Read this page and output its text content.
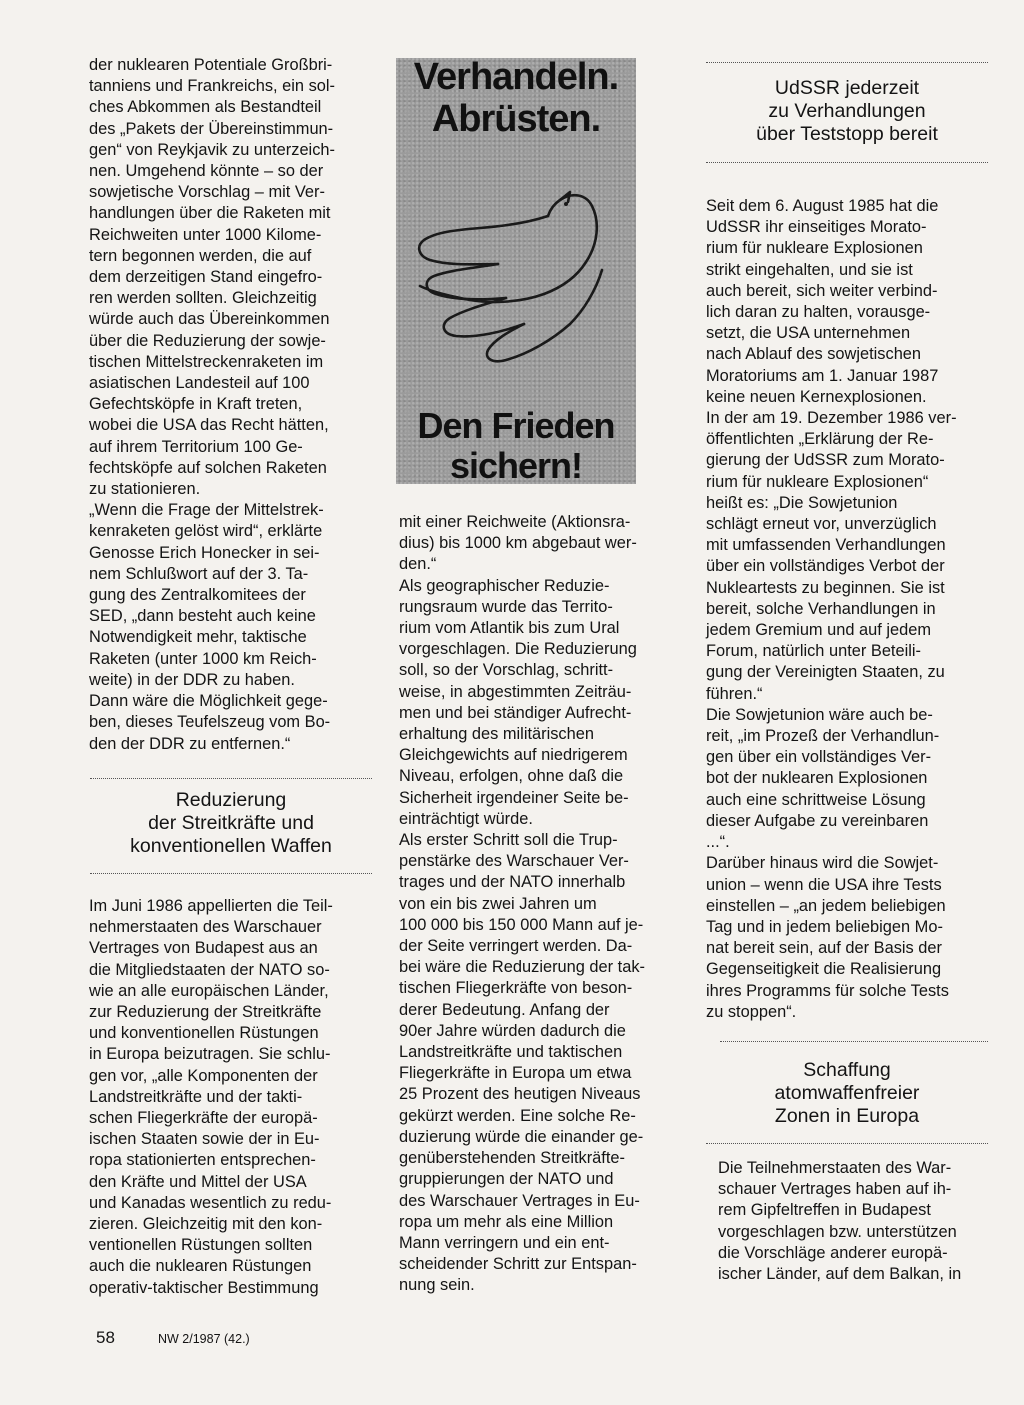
der nuklearen Potentiale Großbri-

tanniens und Frankreichs, ein sol-

ches Abkommen als Bestandteil

des „Pakets der Übereinstimmun-

gen“ von Reykjavik zu unterzeich-

nen. Umgehend könnte – so der

sowjetische Vorschlag – mit Ver-

handlungen über die Raketen mit

Reichweiten unter 1000 Kilome-

tern begonnen werden, die auf

dem derzeitigen Stand eingefro-

ren werden sollten. Gleichzeitig

würde auch das Übereinkommen

über die Reduzierung der sowje-

tischen Mittelstreckenraketen im

asiatischen Landesteil auf 100

Gefechtsköpfe in Kraft treten,

wobei die USA das Recht hätten,

auf ihrem Territorium 100 Ge-

fechtsköpfe auf solchen Raketen

zu stationieren.

„Wenn die Frage der Mittelstrek-

kenraketen gelöst wird“, erklärte

Genosse Erich Honecker in sei-

nem Schlußwort auf der 3. Ta-

gung des Zentralkomitees der

SED, „dann besteht auch keine

Notwendigkeit mehr, taktische

Raketen (unter 1000 km Reich-

weite) in der DDR zu haben.

Dann wäre die Möglichkeit gege-

ben, dieses Teufelszeug vom Bo-

den der DDR zu entfernen.“

Reduzierung
der Streitkräfte und
konventionellen Waffen

Im Juni 1986 appellierten die Teil-

nehmerstaaten des Warschauer

Vertrages von Budapest aus an

die Mitgliedstaaten der NATO so-

wie an alle europäischen Länder,

zur Reduzierung der Streitkräfte

und konventionellen Rüstungen

in Europa beizutragen. Sie schlu-

gen vor, „alle Komponenten der

Landstreitkräfte und der takti-

schen Fliegerkräfte der europä-

ischen Staaten sowie der in Eu-

ropa stationierten entsprechen-

den Kräfte und Mittel der USA

und Kanadas wesentlich zu redu-

zieren. Gleichzeitig mit den kon-

ventionellen Rüstungen sollten

auch die nuklearen Rüstungen

operativ-taktischer Bestimmung

Verhandeln.
Abrüsten.
Den Frieden
sichern!

mit einer Reichweite (Aktionsra-

dius) bis 1000 km abgebaut wer-

den.“

Als geographischer Reduzie-

rungsraum wurde das Territo-

rium vom Atlantik bis zum Ural

vorgeschlagen. Die Reduzierung

soll, so der Vorschlag, schritt-

weise, in abgestimmten Zeiträu-

men und bei ständiger Aufrecht-

erhaltung des militärischen

Gleichgewichts auf niedrigerem

Niveau, erfolgen, ohne daß die

Sicherheit irgendeiner Seite be-

einträchtigt würde.

Als erster Schritt soll die Trup-

penstärke des Warschauer Ver-

trages und der NATO innerhalb

von ein bis zwei Jahren um

100 000 bis 150 000 Mann auf je-

der Seite verringert werden. Da-

bei wäre die Reduzierung der tak-

tischen Fliegerkräfte von beson-

derer Bedeutung. Anfang der

90er Jahre würden dadurch die

Landstreitkräfte und taktischen

Fliegerkräfte in Europa um etwa

25 Prozent des heutigen Niveaus

gekürzt werden. Eine solche Re-

duzierung würde die einander ge-

genüberstehenden Streitkräfte-

gruppierungen der NATO und

des Warschauer Vertrages in Eu-

ropa um mehr als eine Million

Mann verringern und ein ent-

scheidender Schritt zur Entspan-

nung sein.

UdSSR jederzeit
zu Verhandlungen
über Teststopp bereit

Seit dem 6. August 1985 hat die

UdSSR ihr einseitiges Morato-

rium für nukleare Explosionen

strikt eingehalten, und sie ist

auch bereit, sich weiter verbind-

lich daran zu halten, vorausge-

setzt, die USA unternehmen

nach Ablauf des sowjetischen

Moratoriums am 1. Januar 1987

keine neuen Kernexplosionen.

In der am 19. Dezember 1986 ver-

öffentlichten „Erklärung der Re-

gierung der UdSSR zum Morato-

rium für nukleare Explosionen“

heißt es: „Die Sowjetunion

schlägt erneut vor, unverzüglich

mit umfassenden Verhandlungen

über ein vollständiges Verbot der

Nukleartests zu beginnen. Sie ist

bereit, solche Verhandlungen in

jedem Gremium und auf jedem

Forum, natürlich unter Beteili-

gung der Vereinigten Staaten, zu

führen.“

Die Sowjetunion wäre auch be-

reit, „im Prozeß der Verhandlun-

gen über ein vollständiges Ver-

bot der nuklearen Explosionen

auch eine schrittweise Lösung

dieser Aufgabe zu vereinbaren

...“.

Darüber hinaus wird die Sowjet-

union – wenn die USA ihre Tests

einstellen – „an jedem beliebigen

Tag und in jedem beliebigen Mo-

nat bereit sein, auf der Basis der

Gegenseitigkeit die Realisierung

ihres Programms für solche Tests

zu stoppen“.

Schaffung
atomwaffenfreier
Zonen in Europa

Die Teilnehmerstaaten des War-

schauer Vertrages haben auf ih-

rem Gipfeltreffen in Budapest

vorgeschlagen bzw. unterstützen

die Vorschläge anderer europä-

ischer Länder, auf dem Balkan, in

58	NW 2/1987 (42.)
